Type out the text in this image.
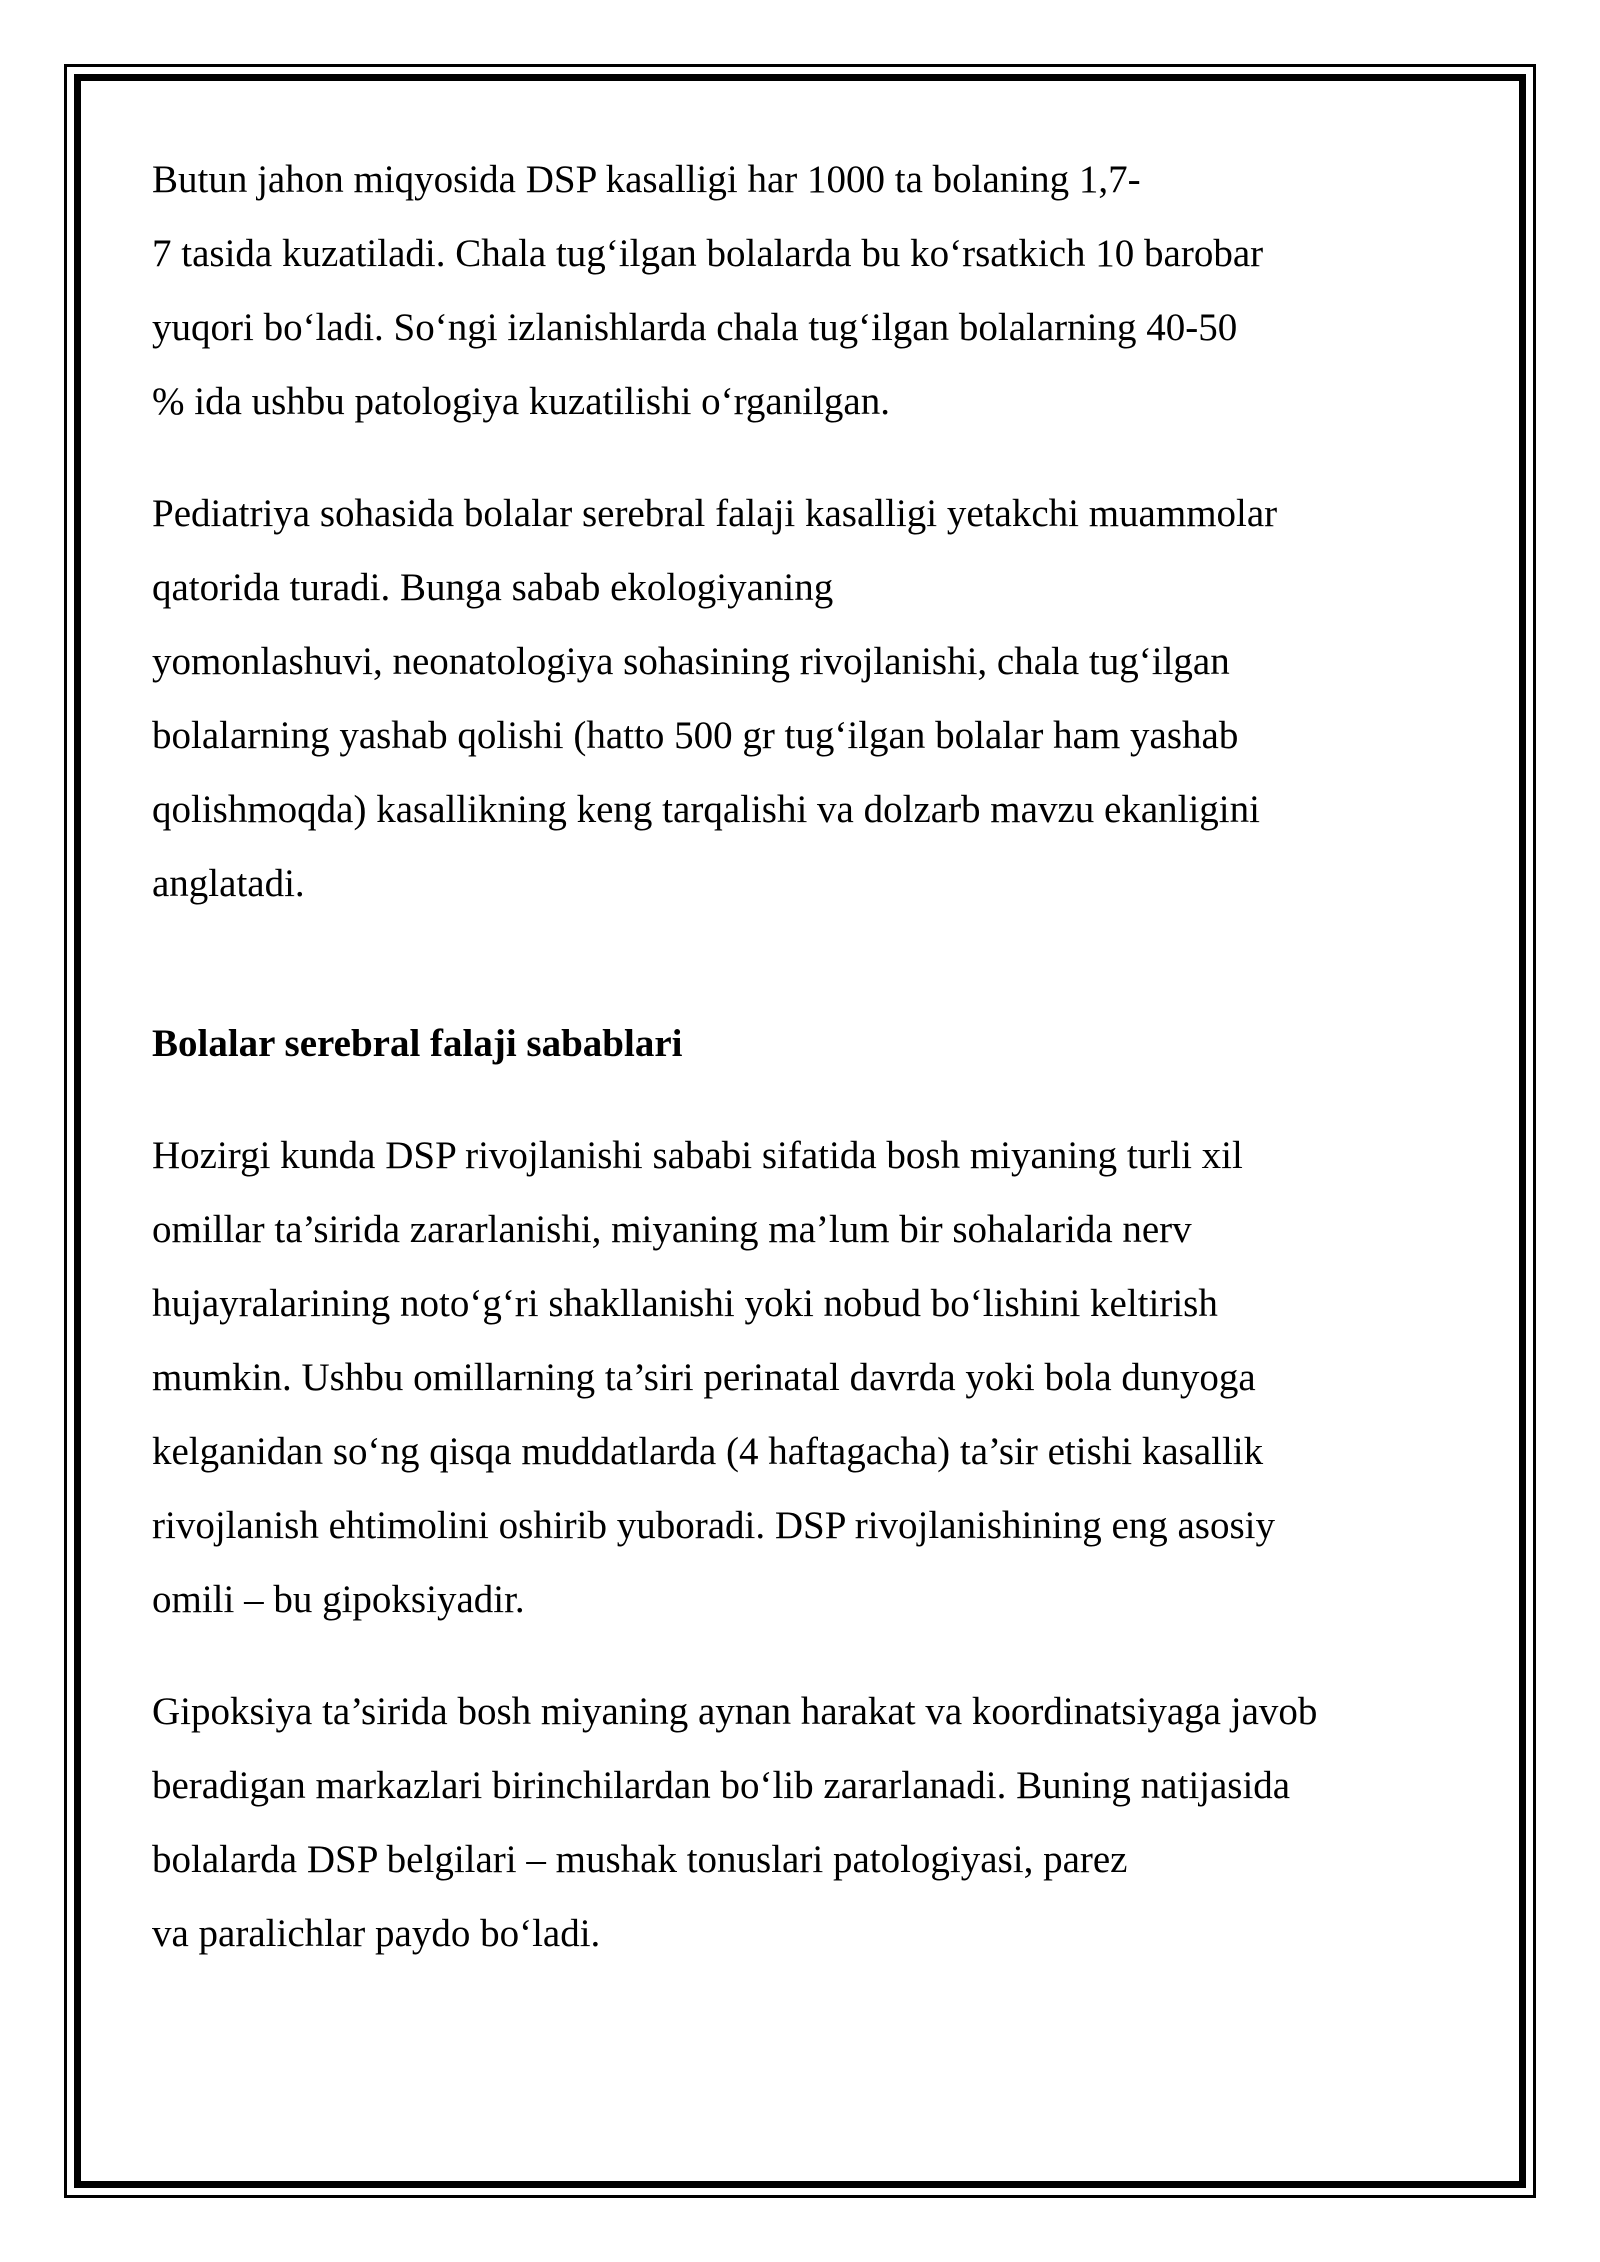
Butun jahon miqyosida DSP kasalligi har 1000 ta bolaning 1,7-
7 tasida kuzatiladi. Chala tug‘ilgan bolalarda bu ko‘rsatkich 10 barobar
yuqori bo‘ladi. So‘ngi izlanishlarda chala tug‘ilgan bolalarning 40-50
% ida ushbu patologiya kuzatilishi o‘rganilgan.

Pediatriya sohasida bolalar serebral falaji kasalligi yetakchi muammolar
qatorida turadi. Bunga sabab ekologiyaning
yomonlashuvi, neonatologiya sohasining rivojlanishi, chala tug‘ilgan
bolalarning yashab qolishi (hatto 500 gr tug‘ilgan bolalar ham yashab
qolishmoqda) kasallikning keng tarqalishi va dolzarb mavzu ekanligini
anglatadi.

Bolalar serebral falaji sabablari

Hozirgi kunda DSP rivojlanishi sababi sifatida bosh miyaning turli xil
omillar ta’sirida zararlanishi, miyaning ma’lum bir sohalarida nerv
hujayralarining noto‘g‘ri shakllanishi yoki nobud bo‘lishini keltirish
mumkin. Ushbu omillarning ta’siri perinatal davrda yoki bola dunyoga
kelganidan so‘ng qisqa muddatlarda (4 haftagacha) ta’sir etishi kasallik
rivojlanish ehtimolini oshirib yuboradi. DSP rivojlanishining eng asosiy
omili – bu gipoksiyadir.

Gipoksiya ta’sirida bosh miyaning aynan harakat va koordinatsiyaga javob
beradigan markazlari birinchilardan bo‘lib zararlanadi. Buning natijasida
bolalarda DSP belgilari – mushak tonuslari patologiyasi, parez
va paralichlar paydo bo‘ladi.
